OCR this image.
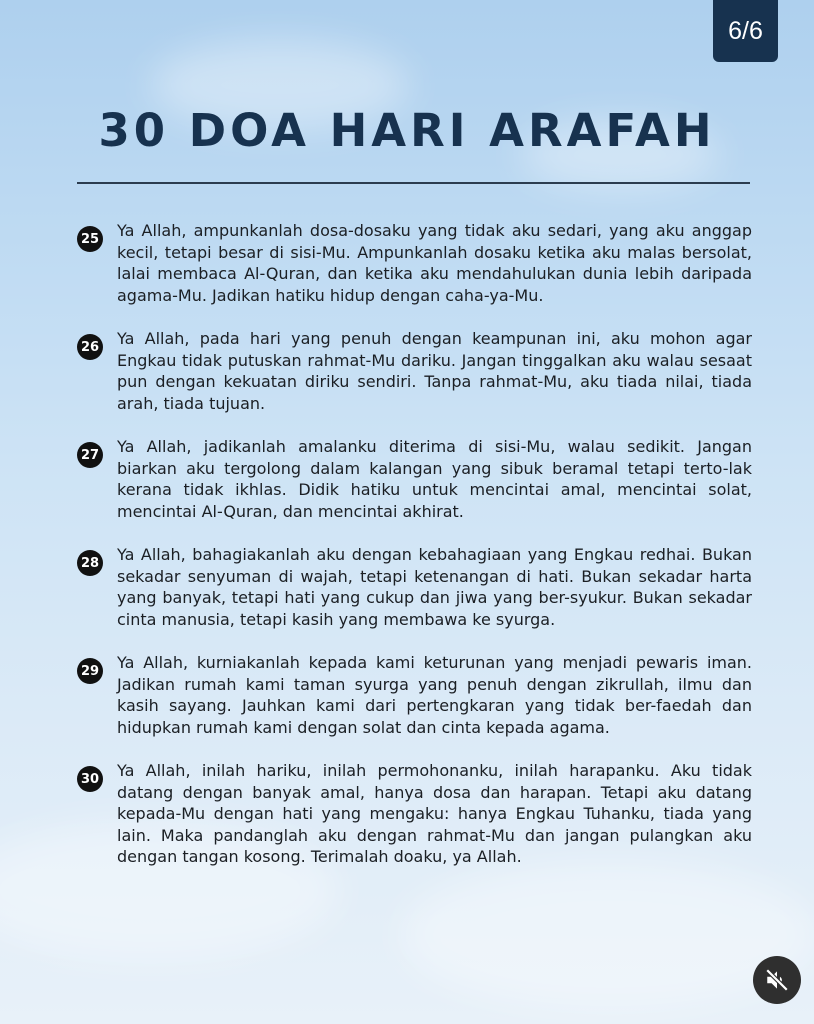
6/6
30 DOA HARI ARAFAH
25 Ya Allah, ampunkanlah dosa-dosaku yang tidak aku sedari, yang aku anggap kecil, tetapi besar di sisi-Mu. Ampunkanlah dosaku ketika aku malas bersolat, lalai membaca Al-Quran, dan ketika aku mendahulukan dunia lebih daripada agama-Mu. Jadikan hatiku hidup dengan caha-ya-Mu.

26 Ya Allah, pada hari yang penuh dengan keampunan ini, aku mohon agar Engkau tidak putuskan rahmat-Mu dariku. Jangan tinggalkan aku walau sesaat pun dengan kekuatan diriku sendiri. Tanpa rahmat-Mu, aku tiada nilai, tiada arah, tiada tujuan.

27 Ya Allah, jadikanlah amalanku diterima di sisi-Mu, walau sedikit. Jangan biarkan aku tergolong dalam kalangan yang sibuk beramal tetapi terto-lak kerana tidak ikhlas. Didik hatiku untuk mencintai amal, mencintai solat, mencintai Al-Quran, dan mencintai akhirat.

28 Ya Allah, bahagiakanlah aku dengan kebahagiaan yang Engkau redhai. Bukan sekadar senyuman di wajah, tetapi ketenangan di hati. Bukan sekadar harta yang banyak, tetapi hati yang cukup dan jiwa yang ber-syukur. Bukan sekadar cinta manusia, tetapi kasih yang membawa ke syurga.

29 Ya Allah, kurniakanlah kepada kami keturunan yang menjadi pewaris iman. Jadikan rumah kami taman syurga yang penuh dengan zikrullah, ilmu dan kasih sayang. Jauhkan kami dari pertengkaran yang tidak ber-faedah dan hidupkan rumah kami dengan solat dan cinta kepada agama.

30 Ya Allah, inilah hariku, inilah permohonanku, inilah harapanku. Aku tidak datang dengan banyak amal, hanya dosa dan harapan. Tetapi aku datang kepada-Mu dengan hati yang mengaku: hanya Engkau Tuhanku, tiada yang lain. Maka pandanglah aku dengan rahmat-Mu dan jangan pulangkan aku dengan tangan kosong. Terimalah doaku, ya Allah.
